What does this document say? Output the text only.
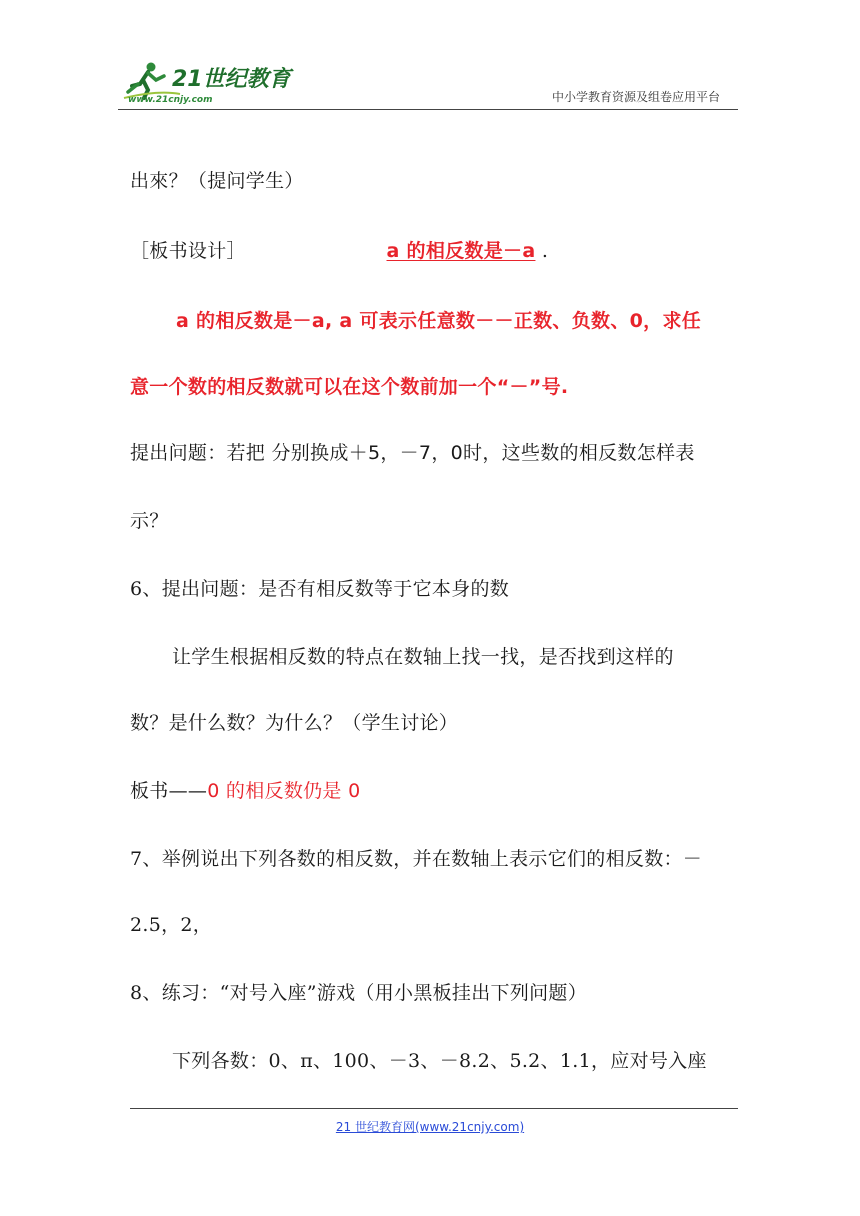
21世纪教育
www.21cnjy.com	中小学教育资源及组卷应用平台
出來？（提问学生）
［板书设计］	a 的相反数是－a .
a 的相反数是－a, a 可表示任意数－－正数、负数、0，求任
意一个数的相反数就可以在这个数前加一个“－”号.
提出问题：若把 分别换成＋5，－7，0时，这些数的相反数怎样表
示？
6、提出问题：是否有相反数等于它本身的数
让学生根据相反数的特点在数轴上找一找，是否找到这样的
数？是什么数？为什么？（学生讨论）
板书——0 的相反数仍是 0
7、举例说出下列各数的相反数，并在数轴上表示它们的相反数：－
2.5，2，
8、练习：“对号入座”游戏（用小黑板挂出下列问题）
下列各数：0、π、100、－3、－8.2、5.2、1.1，应对号入座
21 世纪教育网(www.21cnjy.com)
